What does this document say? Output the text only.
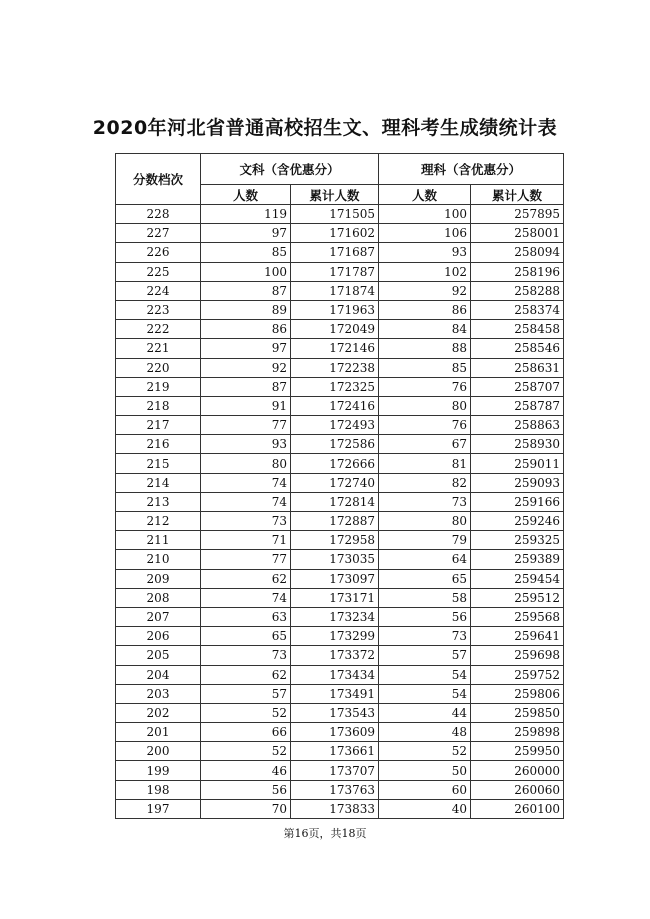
2020年河北省普通高校招生文、理科考生成绩统计表
分数档次	文科（含优惠分）		理科（含优惠分）	
	人数	累计人数	人数	累计人数
228	119	171505	100	257895
227	97	171602	106	258001
226	85	171687	93	258094
225	100	171787	102	258196
224	87	171874	92	258288
223	89	171963	86	258374
222	86	172049	84	258458
221	97	172146	88	258546
220	92	172238	85	258631
219	87	172325	76	258707
218	91	172416	80	258787
217	77	172493	76	258863
216	93	172586	67	258930
215	80	172666	81	259011
214	74	172740	82	259093
213	74	172814	73	259166
212	73	172887	80	259246
211	71	172958	79	259325
210	77	173035	64	259389
209	62	173097	65	259454
208	74	173171	58	259512
207	63	173234	56	259568
206	65	173299	73	259641
205	73	173372	57	259698
204	62	173434	54	259752
203	57	173491	54	259806
202	52	173543	44	259850
201	66	173609	48	259898
200	52	173661	52	259950
199	46	173707	50	260000
198	56	173763	60	260060
197	70	173833	40	260100
第16页，共18页
